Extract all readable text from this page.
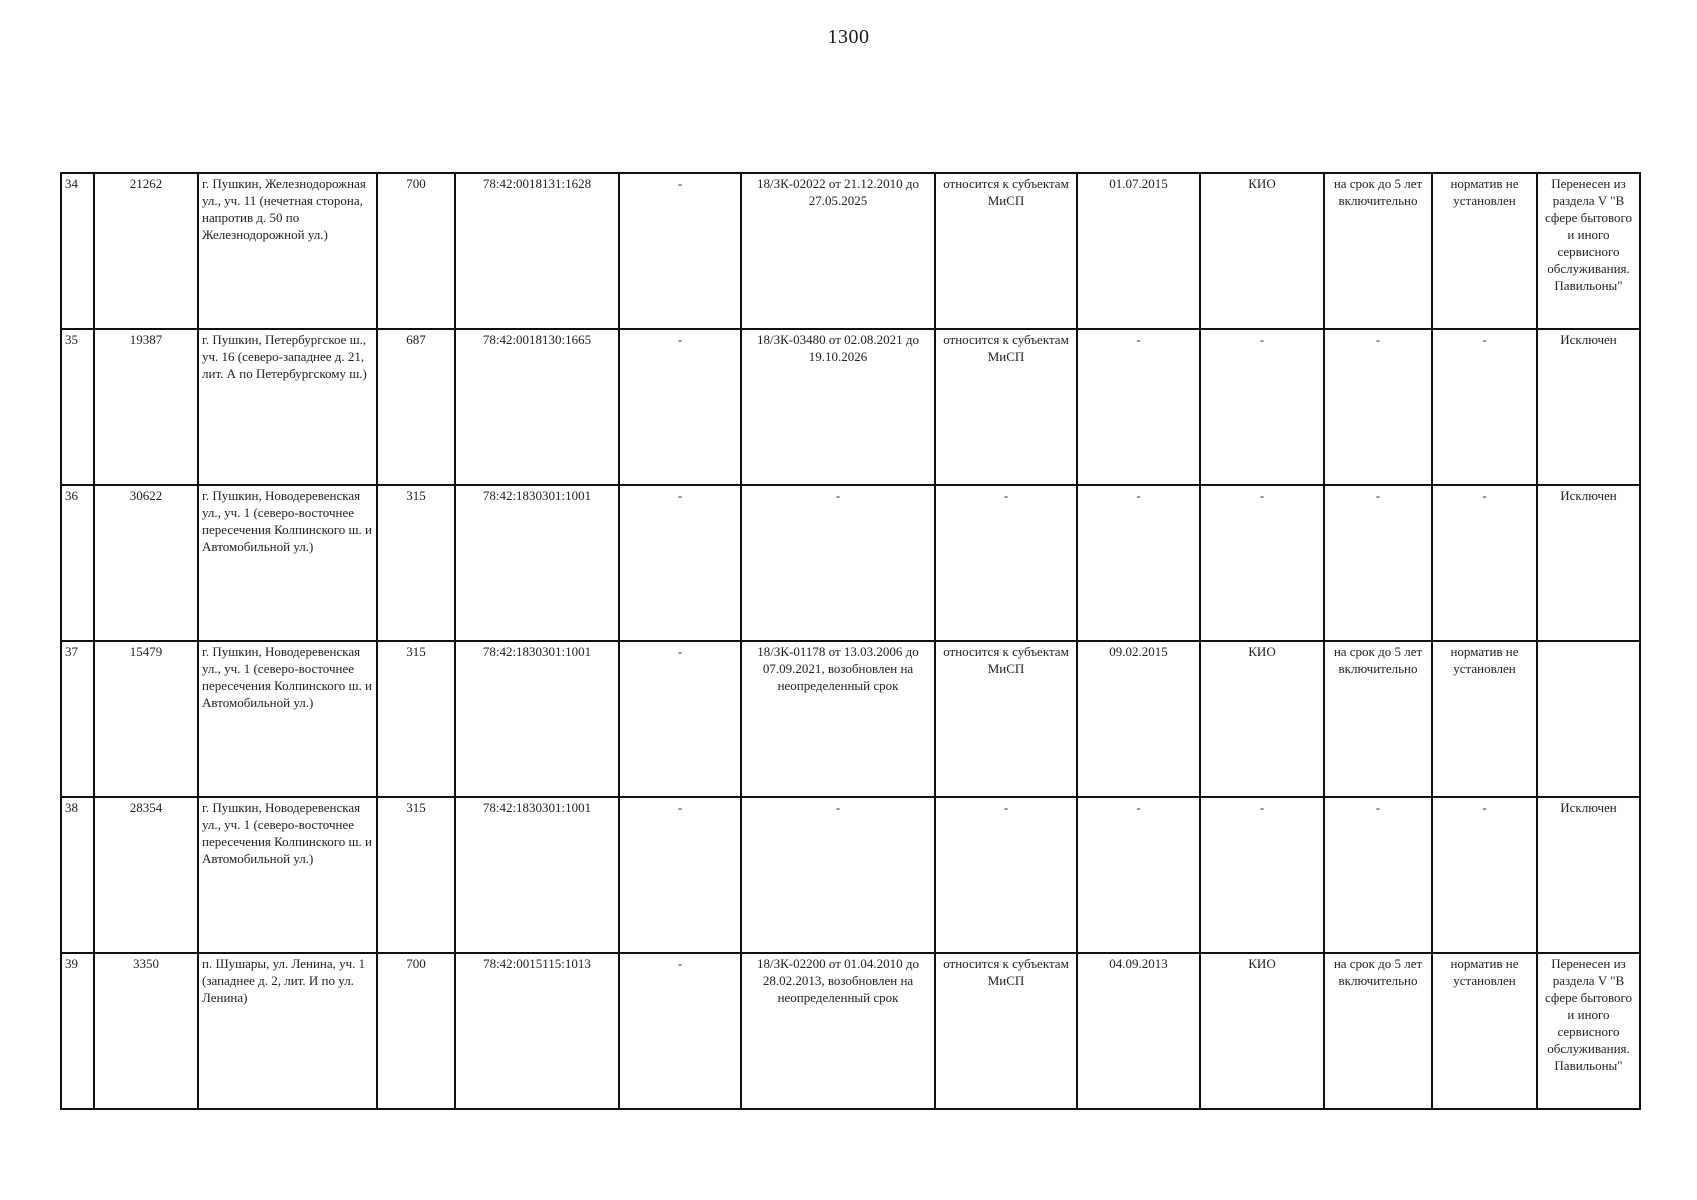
1300
34	21262	г. Пушкин, Железнодорожная ул., уч. 11 (нечетная сторона, напротив д. 50 по Железнодорожной ул.)	700	78:42:0018131:1628	-	18/ЗК-02022 от 21.12.2010 до 27.05.2025	относится к субъектам МиСП	01.07.2015	КИО	на срок до 5 лет включительно	норматив не установлен	Перенесен из раздела V "В сфере бытового и иного сервисного обслуживания. Павильоны"
35	19387	г. Пушкин, Петербургское ш., уч. 16 (северо-западнее д. 21, лит. А по Петербургскому ш.)	687	78:42:0018130:1665	-	18/ЗК-03480 от 02.08.2021 до 19.10.2026	относится к субъектам МиСП	-	-	-	-	Исключен
36	30622	г. Пушкин, Новодеревенская ул., уч. 1 (северо-восточнее пересечения Колпинского ш. и Автомобильной ул.)	315	78:42:1830301:1001	-	-	-	-	-	-	-	Исключен
37	15479	г. Пушкин, Новодеревенская ул., уч. 1 (северо-восточнее пересечения Колпинского ш. и Автомобильной ул.)	315	78:42:1830301:1001	-	18/ЗК-01178 от 13.03.2006 до 07.09.2021, возобновлен на неопределенный срок	относится к субъектам МиСП	09.02.2015	КИО	на срок до 5 лет включительно	норматив не установлен	
38	28354	г. Пушкин, Новодеревенская ул., уч. 1 (северо-восточнее пересечения Колпинского ш. и Автомобильной ул.)	315	78:42:1830301:1001	-	-	-	-	-	-	-	Исключен
39	3350	п. Шушары, ул. Ленина, уч. 1 (западнее д. 2, лит. И по ул. Ленина)	700	78:42:0015115:1013	-	18/ЗК-02200 от 01.04.2010 до 28.02.2013, возобновлен на неопределенный срок	относится к субъектам МиСП	04.09.2013	КИО	на срок до 5 лет включительно	норматив не установлен	Перенесен из раздела V "В сфере бытового и иного сервисного обслуживания. Павильоны"
